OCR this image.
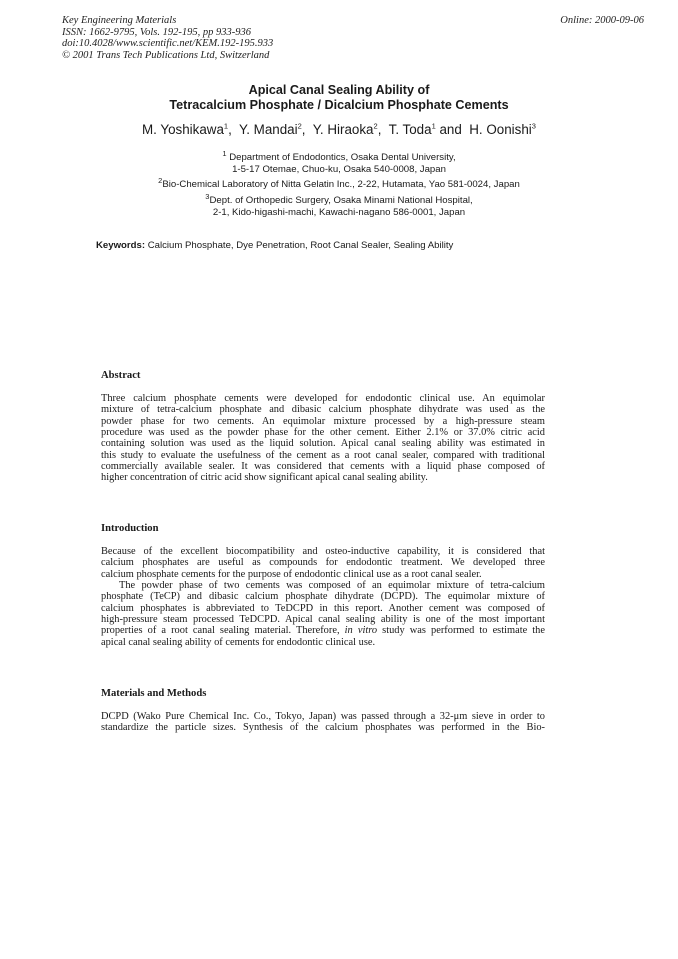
Key Engineering Materials
ISSN: 1662-9795, Vols. 192-195, pp 933-936
doi:10.4028/www.scientific.net/KEM.192-195.933
© 2001 Trans Tech Publications Ltd, Switzerland
Online: 2000-09-06
Apical Canal Sealing Ability of
Tetracalcium Phosphate / Dicalcium Phosphate Cements
M. Yoshikawa$^1$,  Y. Mandai$^2$,  Y. Hiraoka$^2$,  T. Toda$^1$ and  H. Oonishi$^3$
$^1$ Department of Endodontics, Osaka Dental University,
1-5-17 Otemae, Chuo-ku, Osaka 540-0008, Japan
$^2$Bio-Chemical Laboratory of Nitta Gelatin Inc., 2-22, Hutamata, Yao 581-0024, Japan
$^3$Dept. of Orthopedic Surgery, Osaka Minami National Hospital,
2-1, Kido-higashi-machi, Kawachi-nagano 586-0001, Japan
Keywords: Calcium Phosphate, Dye Penetration, Root Canal Sealer, Sealing Ability
Abstract
Three calcium phosphate cements were developed for endodontic clinical use. An equimolar
mixture of tetra-calcium phosphate and dibasic calcium phosphate dihydrate was used as the
powder phase for two cements. An equimolar mixture processed by a high-pressure steam
procedure was used as the powder phase for the other cement. Either 2.1% or 37.0% citric acid
containing solution was used as the liquid solution. Apical canal sealing ability was estimated in
this study to evaluate the usefulness of the cement as a root canal sealer, compared with traditional
commercially available sealer. It was considered that cements with a liquid phase composed of
higher concentration of citric acid show significant apical canal sealing ability.
Introduction
Because of the excellent biocompatibility and osteo-inductive capability, it is considered that
calcium phosphates are useful as compounds for endodontic treatment. We developed three
calcium phosphate cements for the purpose of endodontic clinical use as a root canal sealer.
The powder phase of two cements was composed of an equimolar mixture of tetra-calcium
phosphate (TeCP) and dibasic calcium phosphate dihydrate (DCPD). The equimolar mixture of
calcium phosphates is abbreviated to TeDCPD in this report. Another cement was composed of
high-pressure steam processed TeDCPD. Apical canal sealing ability is one of the most important
properties of a root canal sealing material. Therefore, in vitro study was performed to estimate the
apical canal sealing ability of cements for endodontic clinical use.
Materials and Methods
DCPD (Wako Pure Chemical Inc. Co., Tokyo, Japan) was passed through a 32-μm sieve in order to
standardize the particle sizes. Synthesis of the calcium phosphates was performed in the Bio-
